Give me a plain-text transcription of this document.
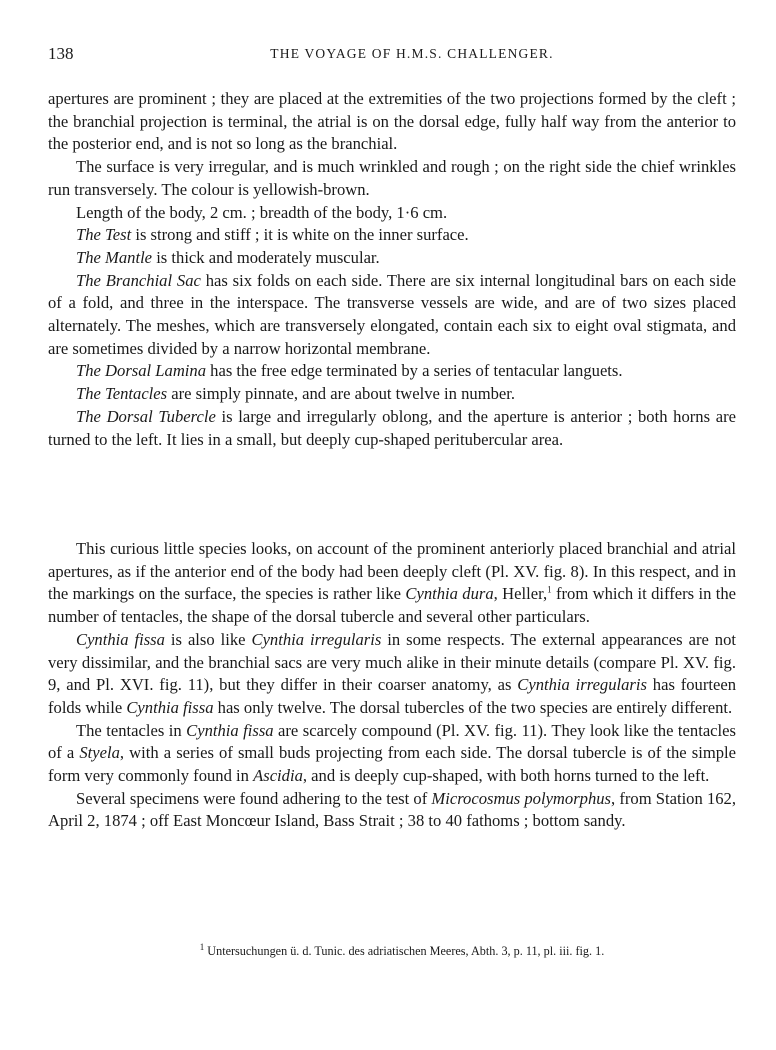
138	THE VOYAGE OF H.M.S. CHALLENGER.

apertures are prominent ; they are placed at the extremities of the two projections formed by the cleft ; the branchial projection is terminal, the atrial is on the dorsal edge, fully half way from the anterior to the posterior end, and is not so long as the branchial.

The surface is very irregular, and is much wrinkled and rough ; on the right side the chief wrinkles run transversely. The colour is yellowish-brown.

Length of the body, 2 cm. ; breadth of the body, 1·6 cm.

The Test is strong and stiff ; it is white on the inner surface.

The Mantle is thick and moderately muscular.

The Branchial Sac has six folds on each side. There are six internal longitudinal bars on each side of a fold, and three in the interspace. The transverse vessels are wide, and are of two sizes placed alternately. The meshes, which are transversely elongated, contain each six to eight oval stigmata, and are sometimes divided by a narrow horizontal membrane.

The Dorsal Lamina has the free edge terminated by a series of tentacular languets.

The Tentacles are simply pinnate, and are about twelve in number.

The Dorsal Tubercle is large and irregularly oblong, and the aperture is anterior ; both horns are turned to the left. It lies in a small, but deeply cup-shaped peritubercular area.

This curious little species looks, on account of the prominent anteriorly placed branchial and atrial apertures, as if the anterior end of the body had been deeply cleft (Pl. XV. fig. 8). In this respect, and in the markings on the surface, the species is rather like Cynthia dura, Heller,$^1$ from which it differs in the number of tentacles, the shape of the dorsal tubercle and several other particulars.

Cynthia fissa is also like Cynthia irregularis in some respects. The external appearances are not very dissimilar, and the branchial sacs are very much alike in their minute details (compare Pl. XV. fig. 9, and Pl. XVI. fig. 11), but they differ in their coarser anatomy, as Cynthia irregularis has fourteen folds while Cynthia fissa has only twelve. The dorsal tubercles of the two species are entirely different.

The tentacles in Cynthia fissa are scarcely compound (Pl. XV. fig. 11). They look like the tentacles of a Styela, with a series of small buds projecting from each side. The dorsal tubercle is of the simple form very commonly found in Ascidia, and is deeply cup-shaped, with both horns turned to the left.

Several specimens were found adhering to the test of Microcosmus polymorphus, from Station 162, April 2, 1874 ; off East Moncœur Island, Bass Strait ; 38 to 40 fathoms ; bottom sandy.

$^1$ Untersuchungen ü. d. Tunic. des adriatischen Meeres, Abth. 3, p. 11, pl. iii. fig. 1.
